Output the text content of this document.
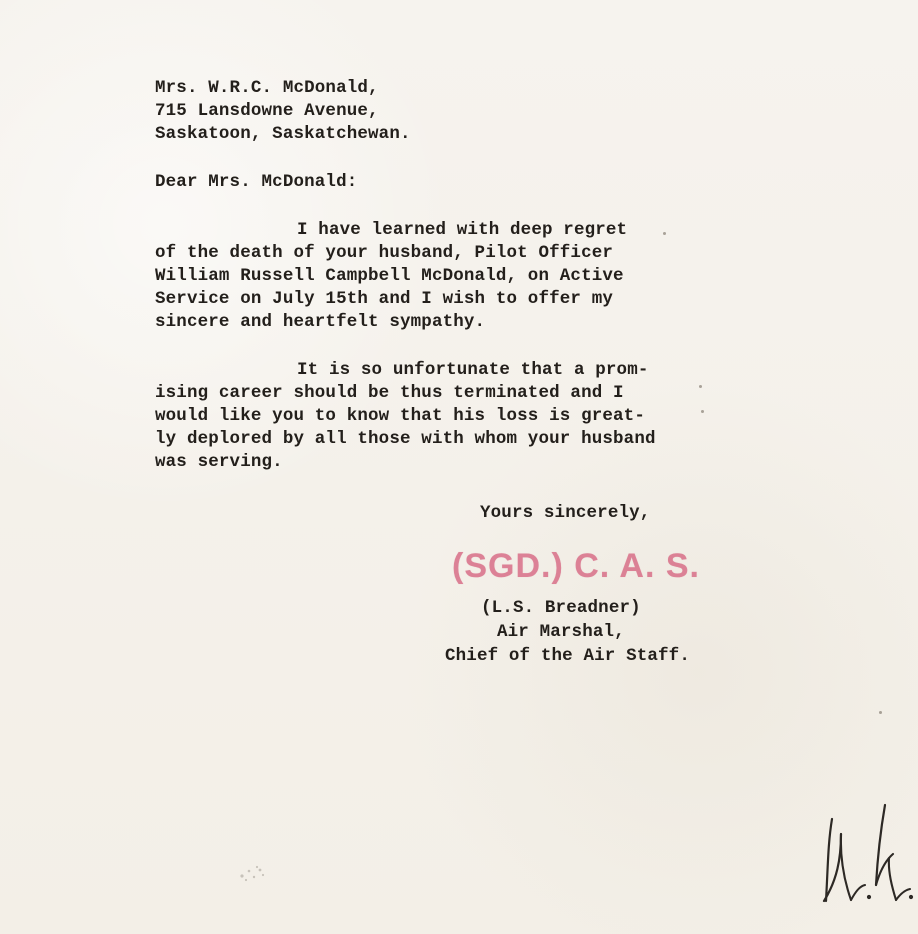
Mrs. W.R.C. McDonald,
715 Lansdowne Avenue,
Saskatoon, Saskatchewan.
Dear Mrs. McDonald:
I have learned with deep regret
of the death of your husband, Pilot Officer
William Russell Campbell McDonald, on Active
Service on July 15th and I wish to offer my
sincere and heartfelt sympathy.
It is so unfortunate that a prom-
ising career should be thus terminated and I
would like you to know that his loss is great-
ly deplored by all those with whom your husband
was serving.
Yours sincerely,
(SGD.) C. A. S.
(L.S. Breadner)
Air Marshal,
Chief of the Air Staff.
